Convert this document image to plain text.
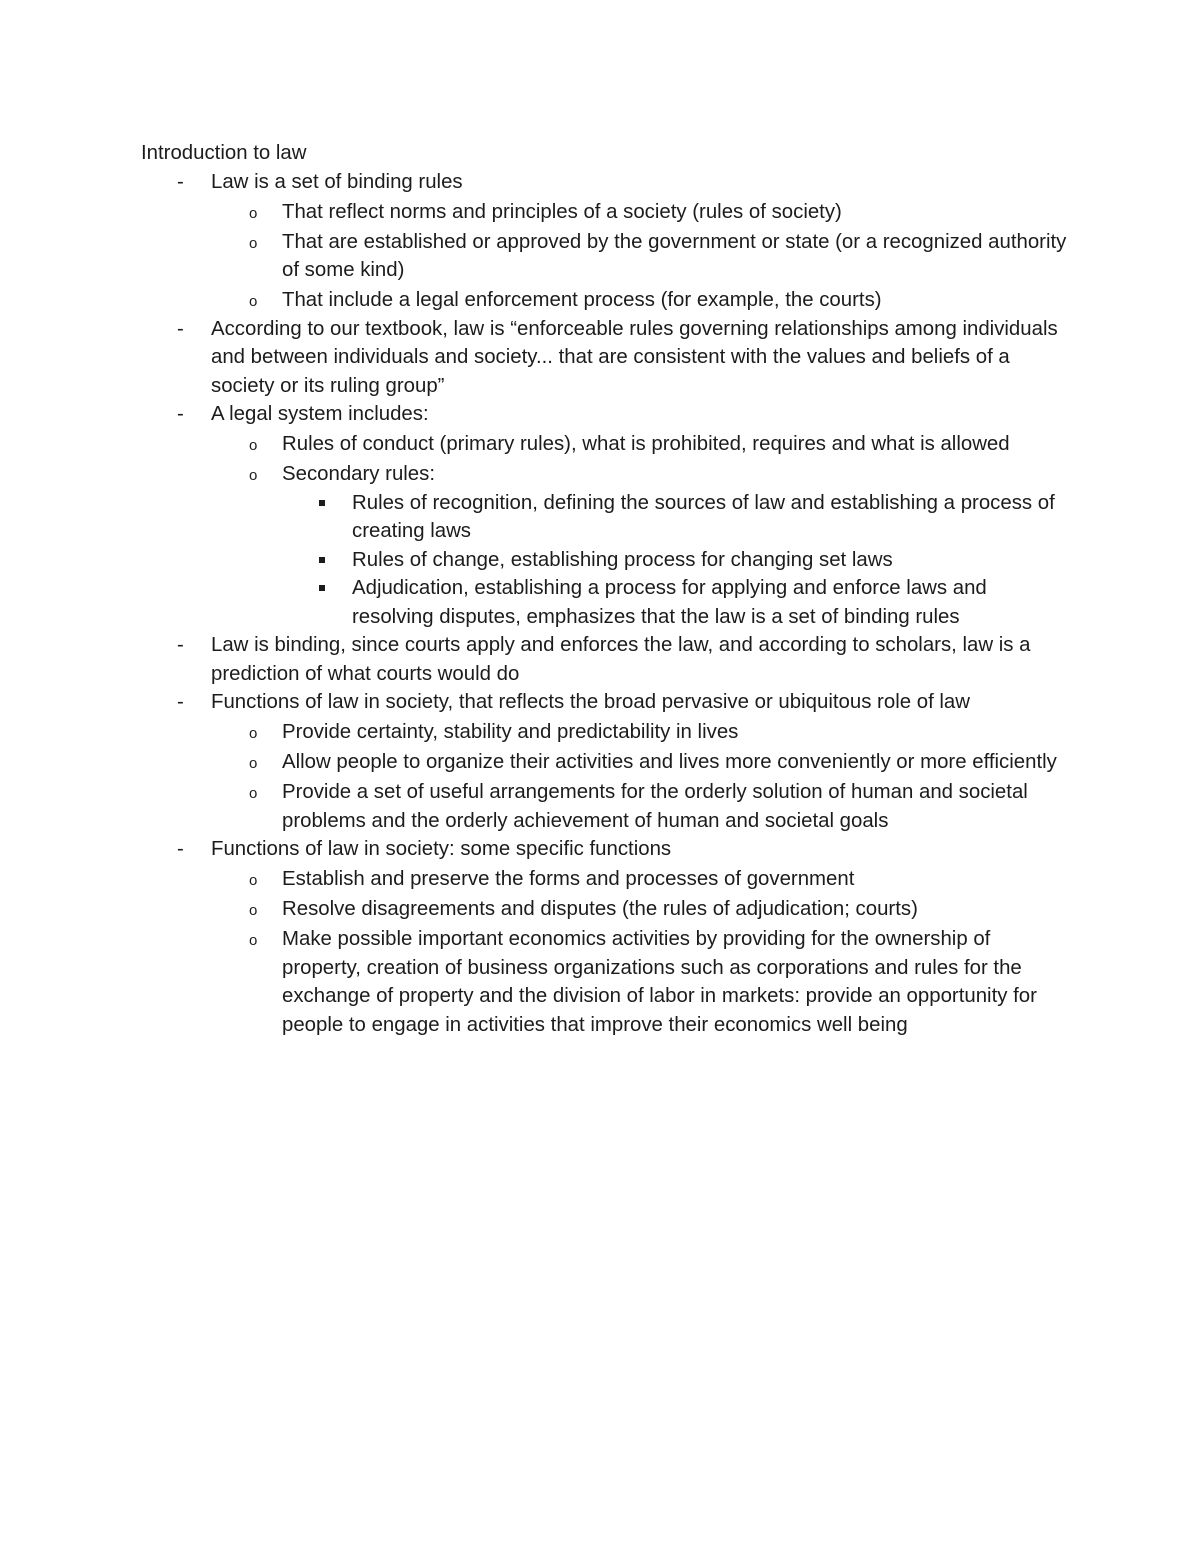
Introduction to law

- Law is a set of binding rules
o That reflect norms and principles of a society (rules of society)
o That are established or approved by the government or state (or a recognized authority of some kind)
o That include a legal enforcement process (for example, the courts)
- According to our textbook, law is “enforceable rules governing relationships among individuals and between individuals and society... that are consistent with the values and beliefs of a society or its ruling group”
- A legal system includes:
o Rules of conduct (primary rules), what is prohibited, requires and what is allowed
o Secondary rules:
Rules of recognition, defining the sources of law and establishing a process of creating laws
Rules of change, establishing process for changing set laws
Adjudication, establishing a process for applying and enforce laws and resolving disputes, emphasizes that the law is a set of binding rules
- Law is binding, since courts apply and enforces the law, and according to scholars, law is a prediction of what courts would do
- Functions of law in society, that reflects the broad pervasive or ubiquitous role of law
o Provide certainty, stability and predictability in lives
o Allow people to organize their activities and lives more conveniently or more efficiently
o Provide a set of useful arrangements for the orderly solution of human and societal problems and the orderly achievement of human and societal goals
- Functions of law in society: some specific functions
o Establish and preserve the forms and processes of government
o Resolve disagreements and disputes (the rules of adjudication; courts)
o Make possible important economics activities by providing for the ownership of property, creation of business organizations such as corporations and rules for the exchange of property and the division of labor in markets: provide an opportunity for people to engage in activities that improve their economics well being
